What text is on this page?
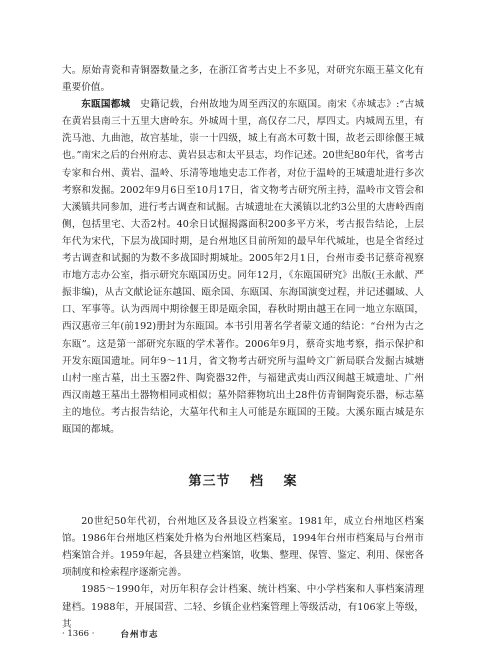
大。原始青瓷和青铜器数量之多，在浙江省考古史上不多见，对研究东瓯王墓文化有重要价值。

东瓯国都城　 史籍记载，台州故地为周至西汉的东瓯国。南宋《赤城志》:“古城在黄岩县南三十五里大唐岭东。外城周十里，高仅存二尺，厚四丈。内城周五里，有洗马池、九曲池，故宫基址，崇一十四级，城上有高木可数十围，故老云即徐偃王城也。”南宋之后的台州府志、黄岩县志和太平县志，均作记述。20世纪80年代，省考古专家和台州、黄岩、温岭、乐清等地地史志工作者，对位于温岭的王城遗址进行多次考察和发掘。2002年9月6日至10月17日，省文物考古研究所主持，温岭市文管会和大溪镇共同参加，进行考古调查和试掘。古城遗址在大溪镇以北约3公里的大唐岭西南侧，包括里宅、大岙2村。40余日试掘揭露面积200多平方米，考古报告结论，上层年代为宋代，下层为战国时期，是台州地区目前所知的最早年代城址，也是全省经过考古调查和试掘的为数不多战国时期城址。2005年2月1日，台州市委书记蔡奇视察市地方志办公室，指示研究东瓯国历史。同年12月，《东瓯国研究》出版(王永献、严振非编)，从古文献论证东越国、瓯余国、东瓯国、东海国演变过程，并记述疆域、人口、军事等。认为西周中期徐偃王即是瓯余国，春秋时期由越王在同一地立东瓯国，西汉惠帝三年(前192)册封为东瓯国。本书引用著名学者蒙文通的结论：“台州为古之东瓯”。这是第一部研究东瓯的学术著作。2006年9月，蔡奇实地考察，指示保护和开发东瓯国遗址。同年9～11月，省文物考古研究所与温岭文广新局联合发掘古城塘山村一座古墓，出土玉器2件、陶瓷器32件，与福建武夷山西汉闽越王城遗址、广州西汉南越王墓出土器物相同或相似；墓外陪葬物坑出土28件仿青铜陶瓷乐器，标志墓主的地位。考古报告结论，大墓年代和主人可能是东瓯国的王陵。大溪东瓯古城是东瓯国的都城。

第三节 档 案

20世纪50年代初，台州地区及各县设立档案室。1981年，成立台州地区档案馆。1986年台州地区档案处升格为台州地区档案局，1994年台州市档案局与台州市档案馆合并。1959年起，各县建立档案馆，收集、整理、保管、鉴定、利用、保密各项制度和检索程序逐渐完善。

1985～1990年，对历年积存会计档案、统计档案、中小学档案和人事档案清理建档。1988年，开展国营、二轻、乡镇企业档案管理上等级活动，有106家上等级，其

· 1366 ·	台州市志
